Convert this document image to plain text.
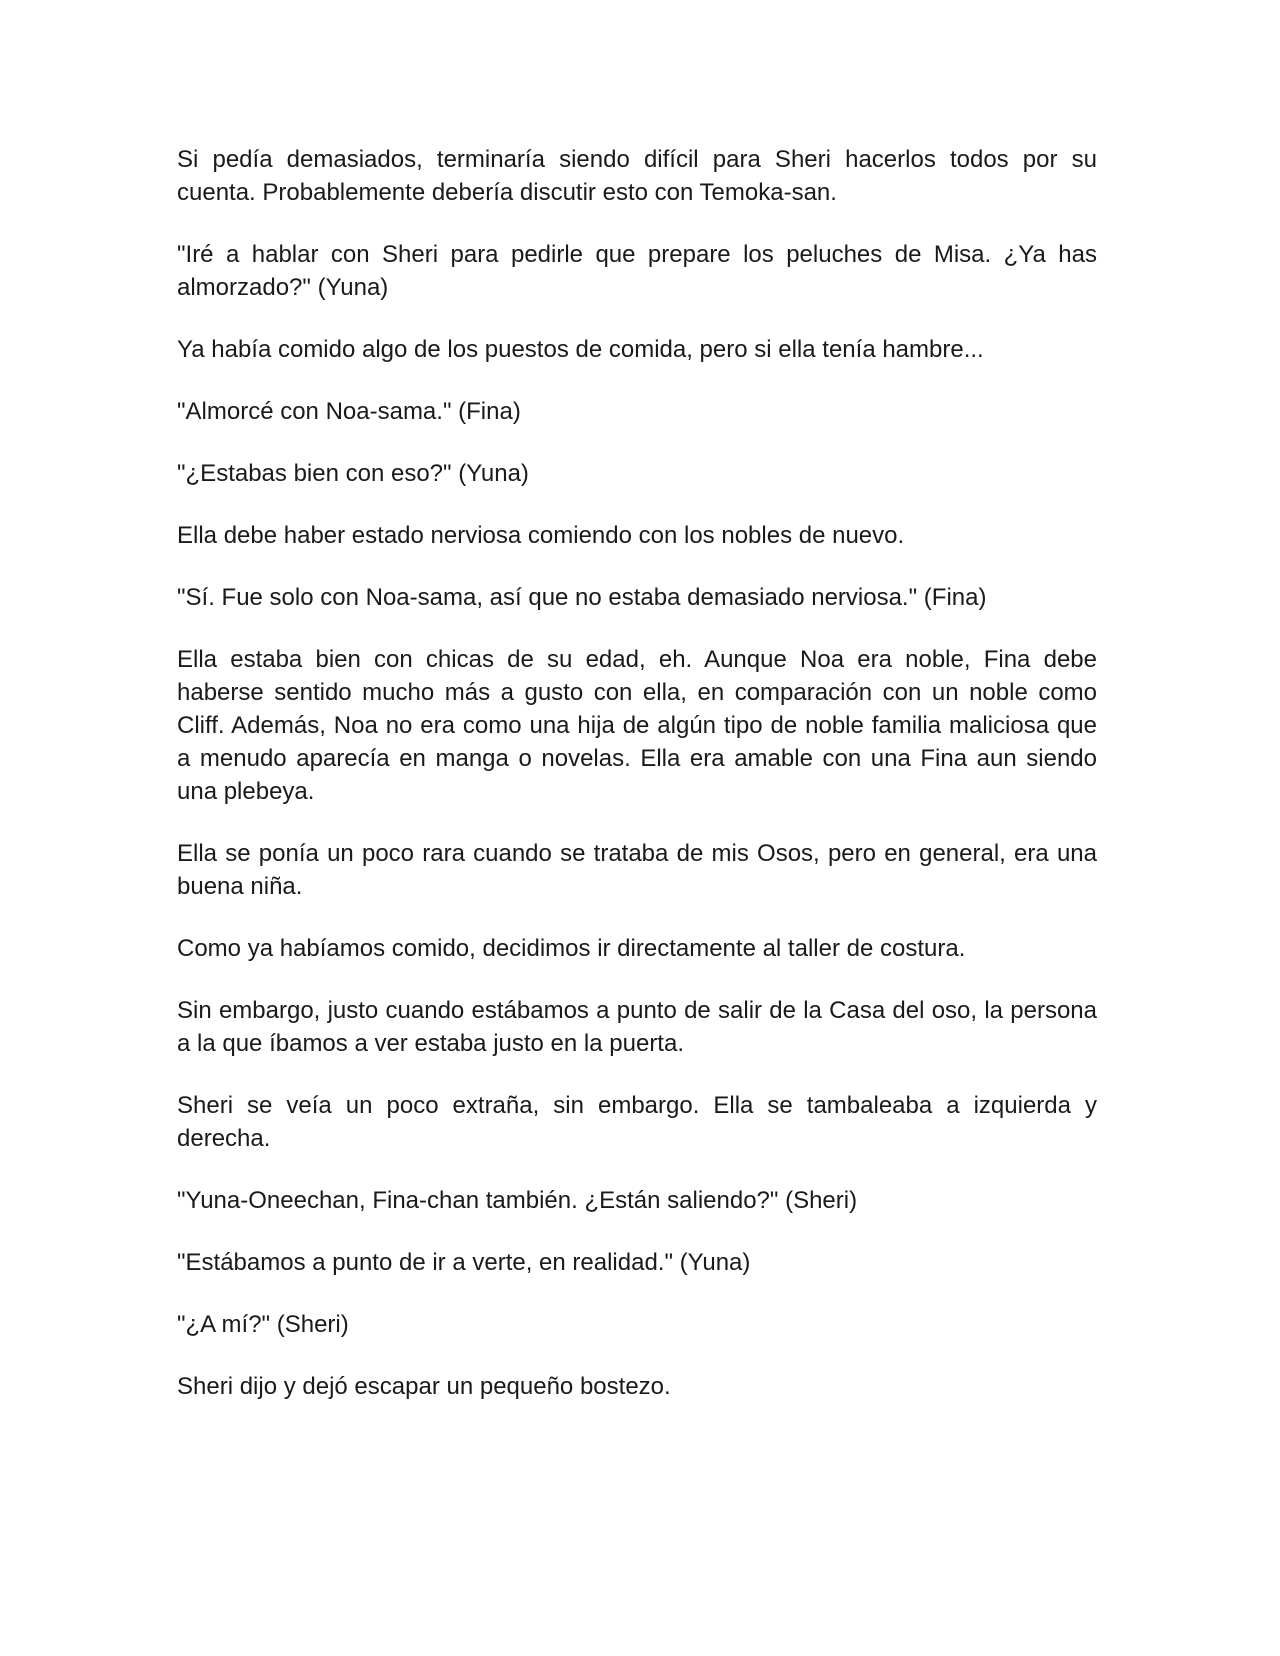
Si pedía demasiados, terminaría siendo difícil para Sheri hacerlos todos por su cuenta. Probablemente debería discutir esto con Temoka-san.

"Iré a hablar con Sheri para pedirle que prepare los peluches de Misa. ¿Ya has almorzado?" (Yuna)

Ya había comido algo de los puestos de comida, pero si ella tenía hambre...

"Almorcé con Noa-sama." (Fina)

"¿Estabas bien con eso?" (Yuna)

Ella debe haber estado nerviosa comiendo con los nobles de nuevo.

"Sí. Fue solo con Noa-sama, así que no estaba demasiado nerviosa." (Fina)

Ella estaba bien con chicas de su edad, eh. Aunque Noa era noble, Fina debe haberse sentido mucho más a gusto con ella, en comparación con un noble como Cliff. Además, Noa no era como una hija de algún tipo de noble familia maliciosa que a menudo aparecía en manga o novelas. Ella era amable con una Fina aun siendo una plebeya.

Ella se ponía un poco rara cuando se trataba de mis Osos, pero en general, era una buena niña.

Como ya habíamos comido, decidimos ir directamente al taller de costura.

Sin embargo, justo cuando estábamos a punto de salir de la Casa del oso, la persona a la que íbamos a ver estaba justo en la puerta.

Sheri se veía un poco extraña, sin embargo. Ella se tambaleaba a izquierda y derecha.

"Yuna-Oneechan, Fina-chan también. ¿Están saliendo?" (Sheri)

"Estábamos a punto de ir a verte, en realidad." (Yuna)

"¿A mí?" (Sheri)

Sheri dijo y dejó escapar un pequeño bostezo.
